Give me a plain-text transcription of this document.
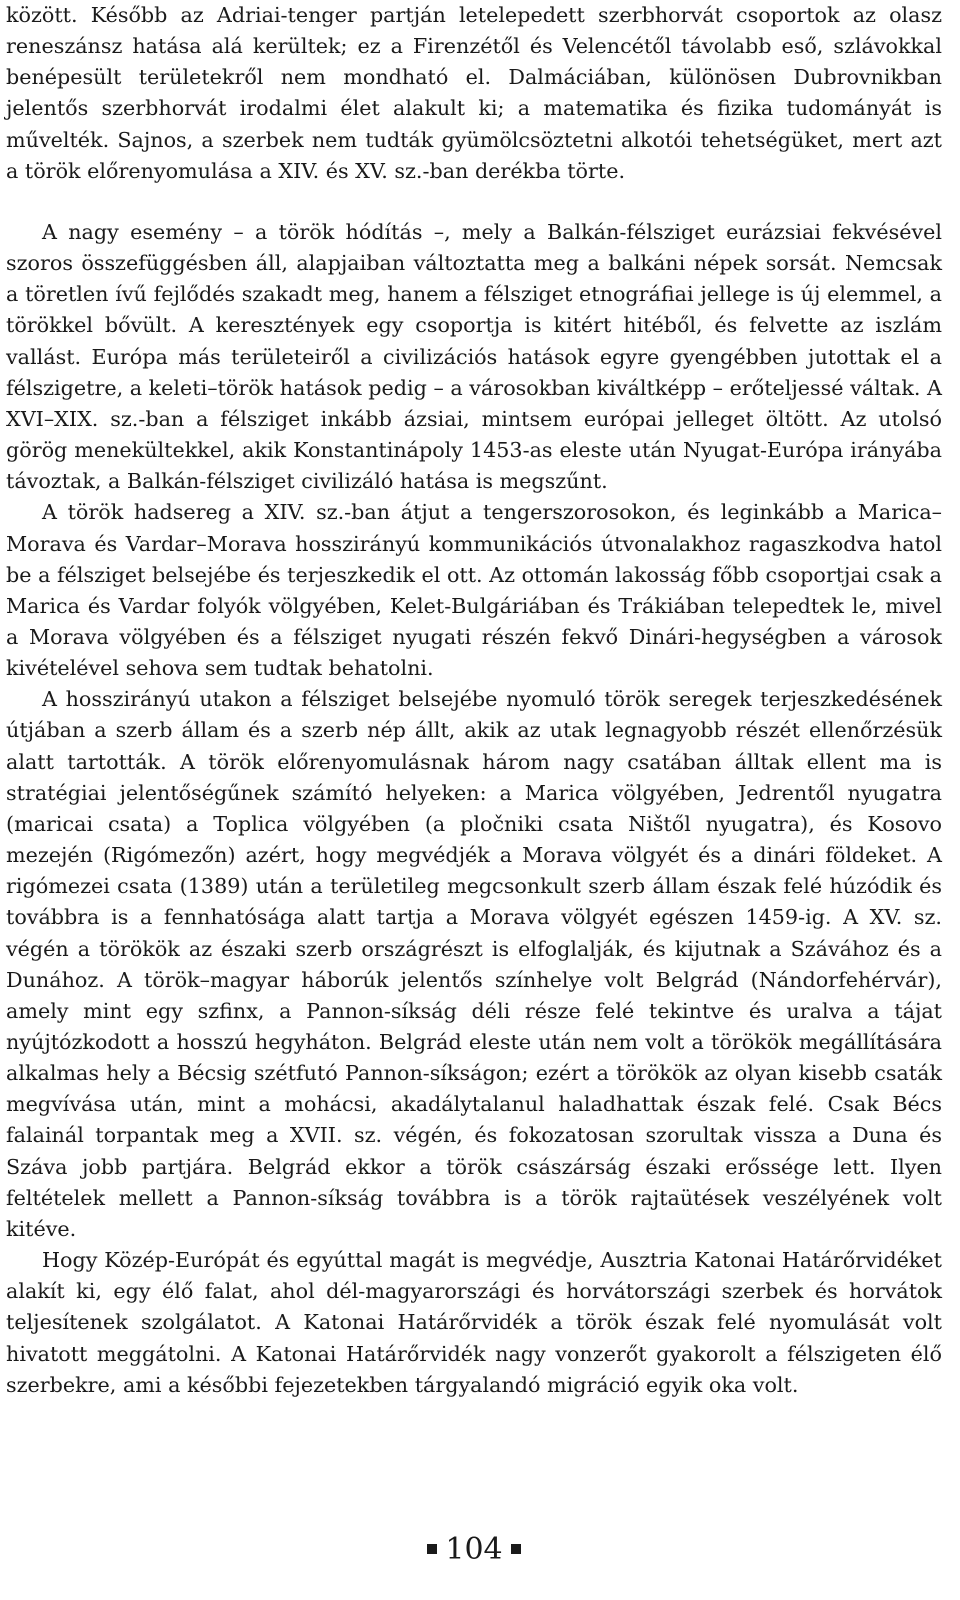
között. Később az Adriai-tenger partján letelepedett szerbhorvát csoportok az olasz reneszánsz hatása alá kerültek; ez a Firenzétől és Velencétől távolabb eső, szlávokkal benépesült területekről nem mondható el. Dalmáciában, különösen Dubrovnikban jelentős szerbhorvát irodalmi élet alakult ki; a matematika és fizika tudományát is művelték. Sajnos, a szerbek nem tudták gyümölcsöztetni alkotói tehetségüket, mert azt a török előrenyomulása a XIV. és XV. sz.-ban derékba törte.

A nagy esemény – a török hódítás –, mely a Balkán-félsziget eurázsiai fekvésével szoros összefüggésben áll, alapjaiban változtatta meg a balkáni népek sorsát. Nemcsak a töretlen ívű fejlődés szakadt meg, hanem a félsziget etnográfiai jellege is új elemmel, a törökkel bővült. A keresztények egy csoportja is kitért hitéből, és felvette az iszlám vallást. Európa más területeiről a civilizációs hatások egyre gyengébben jutottak el a félszigetre, a keleti–török hatások pedig – a városokban kiváltképp – erőteljessé váltak. A XVI–XIX. sz.-ban a félsziget inkább ázsiai, mintsem európai jelleget öltött. Az utolsó görög menekültekkel, akik Konstantinápoly 1453-as eleste után Nyugat-Európa irányába távoztak, a Balkán-félsziget civilizáló hatása is megszűnt.

A török hadsereg a XIV. sz.-ban átjut a tengerszorosokon, és leginkább a Marica–Morava és Vardar–Morava hosszirányú kommunikációs útvonalakhoz ragaszkodva hatol be a félsziget belsejébe és terjeszkedik el ott. Az ottomán lakosság főbb csoportjai csak a Marica és Vardar folyók völgyében, Kelet-Bulgáriában és Trákiában telepedtek le, mivel a Morava völgyében és a félsziget nyugati részén fekvő Dinári-hegységben a városok kivételével sehova sem tudtak behatolni.

A hosszirányú utakon a félsziget belsejébe nyomuló török seregek terjeszkedésének útjában a szerb állam és a szerb nép állt, akik az utak legnagyobb részét ellenőrzésük alatt tartották. A török előrenyomulásnak három nagy csatában álltak ellent ma is stratégiai jelentőségűnek számító helyeken: a Marica völgyében, Jedrentől nyugatra (maricai csata) a Toplica völgyében (a pločniki csata Ništől nyugatra), és Kosovo mezején (Rigómezőn) azért, hogy megvédjék a Morava völgyét és a dinári földeket. A rigómezei csata (1389) után a területileg megcsonkult szerb állam észak felé húzódik és továbbra is a fennhatósága alatt tartja a Morava völgyét egészen 1459-ig. A XV. sz. végén a törökök az északi szerb országrészt is elfoglalják, és kijutnak a Szávához és a Dunához. A török–magyar háborúk jelentős színhelye volt Belgrád (Nándorfehérvár), amely mint egy szfinx, a Pannon-síkság déli része felé tekintve és uralva a tájat nyújtózkodott a hosszú hegyháton. Belgrád eleste után nem volt a törökök megállítására alkalmas hely a Bécsig szétfutó Pannon-síkságon; ezért a törökök az olyan kisebb csaták megvívása után, mint a mohácsi, akadálytalanul haladhattak észak felé. Csak Bécs falainál torpantak meg a XVII. sz. végén, és fokozatosan szorultak vissza a Duna és Száva jobb partjára. Belgrád ekkor a török császárság északi erőssége lett. Ilyen feltételek mellett a Pannon-síkság továbbra is a török rajtaütések veszélyének volt kitéve.

Hogy Közép-Európát és egyúttal magát is megvédje, Ausztria Katonai Határőrvidéket alakít ki, egy élő falat, ahol dél-magyarországi és horvátországi szerbek és horvátok teljesítenek szolgálatot. A Katonai Határőrvidék a török észak felé nyomulását volt hivatott meggátolni. A Katonai Határőrvidék nagy vonzerőt gyakorolt a félszigeten élő szerbekre, ami a későbbi fejezetekben tárgyalandó migráció egyik oka volt.

104
